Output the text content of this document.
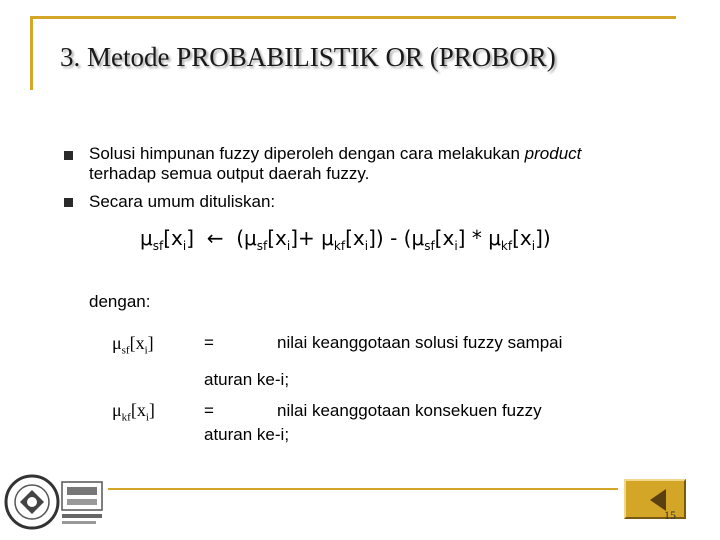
3. Metode PROBABILISTIK OR (PROBOR)
Solusi himpunan fuzzy diperoleh dengan cara melakukan product
terhadap semua output daerah fuzzy.
Secara umum dituliskan:
$\mu_{sf}[x_i]$ ← $(\mu_{sf}[x_i]+ \mu_{kf}[x_i]) - (\mu_{sf}[x_i] * \mu_{kf}[x_i])$
dengan:
$\mu_{sf}[x_i]$	=	nilai keanggotaan solusi fuzzy sampai
aturan ke-i;
$\mu_{kf}[x_i]$	=	nilai keanggotaan konsekuen fuzzy
aturan ke-i;
15
